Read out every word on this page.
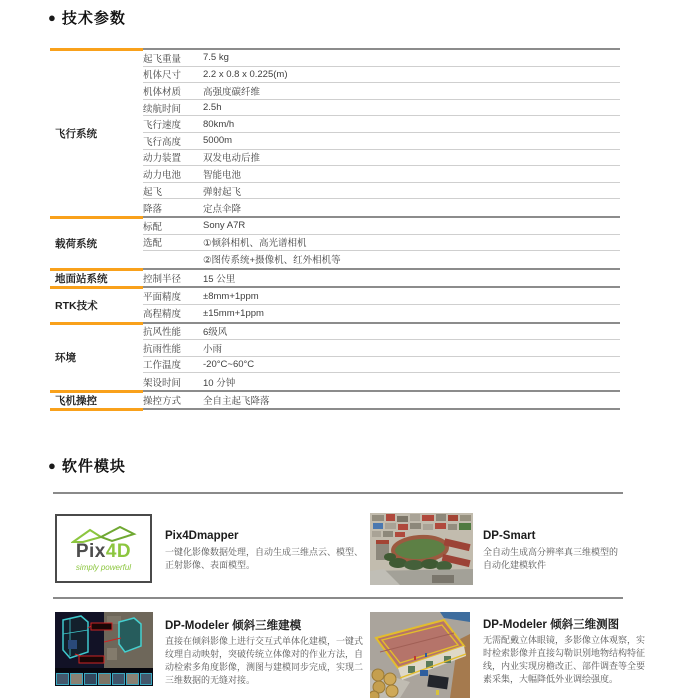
● 技术参数
飞行系统
起飞重量	7.5 kg
机体尺寸	2.2 x 0.8 x 0.225(m)
机体材质	高强度碳纤维
续航时间	2.5h
飞行速度	80km/h
飞行高度	5000m
动力装置	双发电动后推
动力电池	智能电池
起飞	弹射起飞
降落	定点伞降
载荷系统
标配	Sony A7R
选配	①倾斜相机、高光谱相机
②图传系统+摄像机、红外相机等
地面站系统	控制半径	15 公里
RTK技术
平面精度	±8mm+1ppm
高程精度	±15mm+1ppm
环境
抗风性能	6级风
抗雨性能	小雨
工作温度	-20°C~60°C
架设时间	10 分钟
飞机操控	操控方式	全自主起飞降落
● 软件模块
Pix4D
simply powerful
Pix4Dmapper
一键化影像数据处理，自动生成三维点云、模型、正射影像、表面模型。
DP-Smart
全自动生成高分辨率真三维模型的自动化建模软件
DP-Modeler 倾斜三维建模
直接在倾斜影像上进行交互式单体化建模，一键式纹理自动映射，突破传统立体像对的作业方法，自动检索多角度影像，测图与建模同步完成，实现二三维数据的无缝对接。
DP-Modeler 倾斜三维测图
无需配戴立体眼镜，多影像立体观察，实时检索影像并直接勾勒识别地物结构特征线，内业实现房檐改正、部件调查等全要素采集，大幅降低外业调绘强度。
